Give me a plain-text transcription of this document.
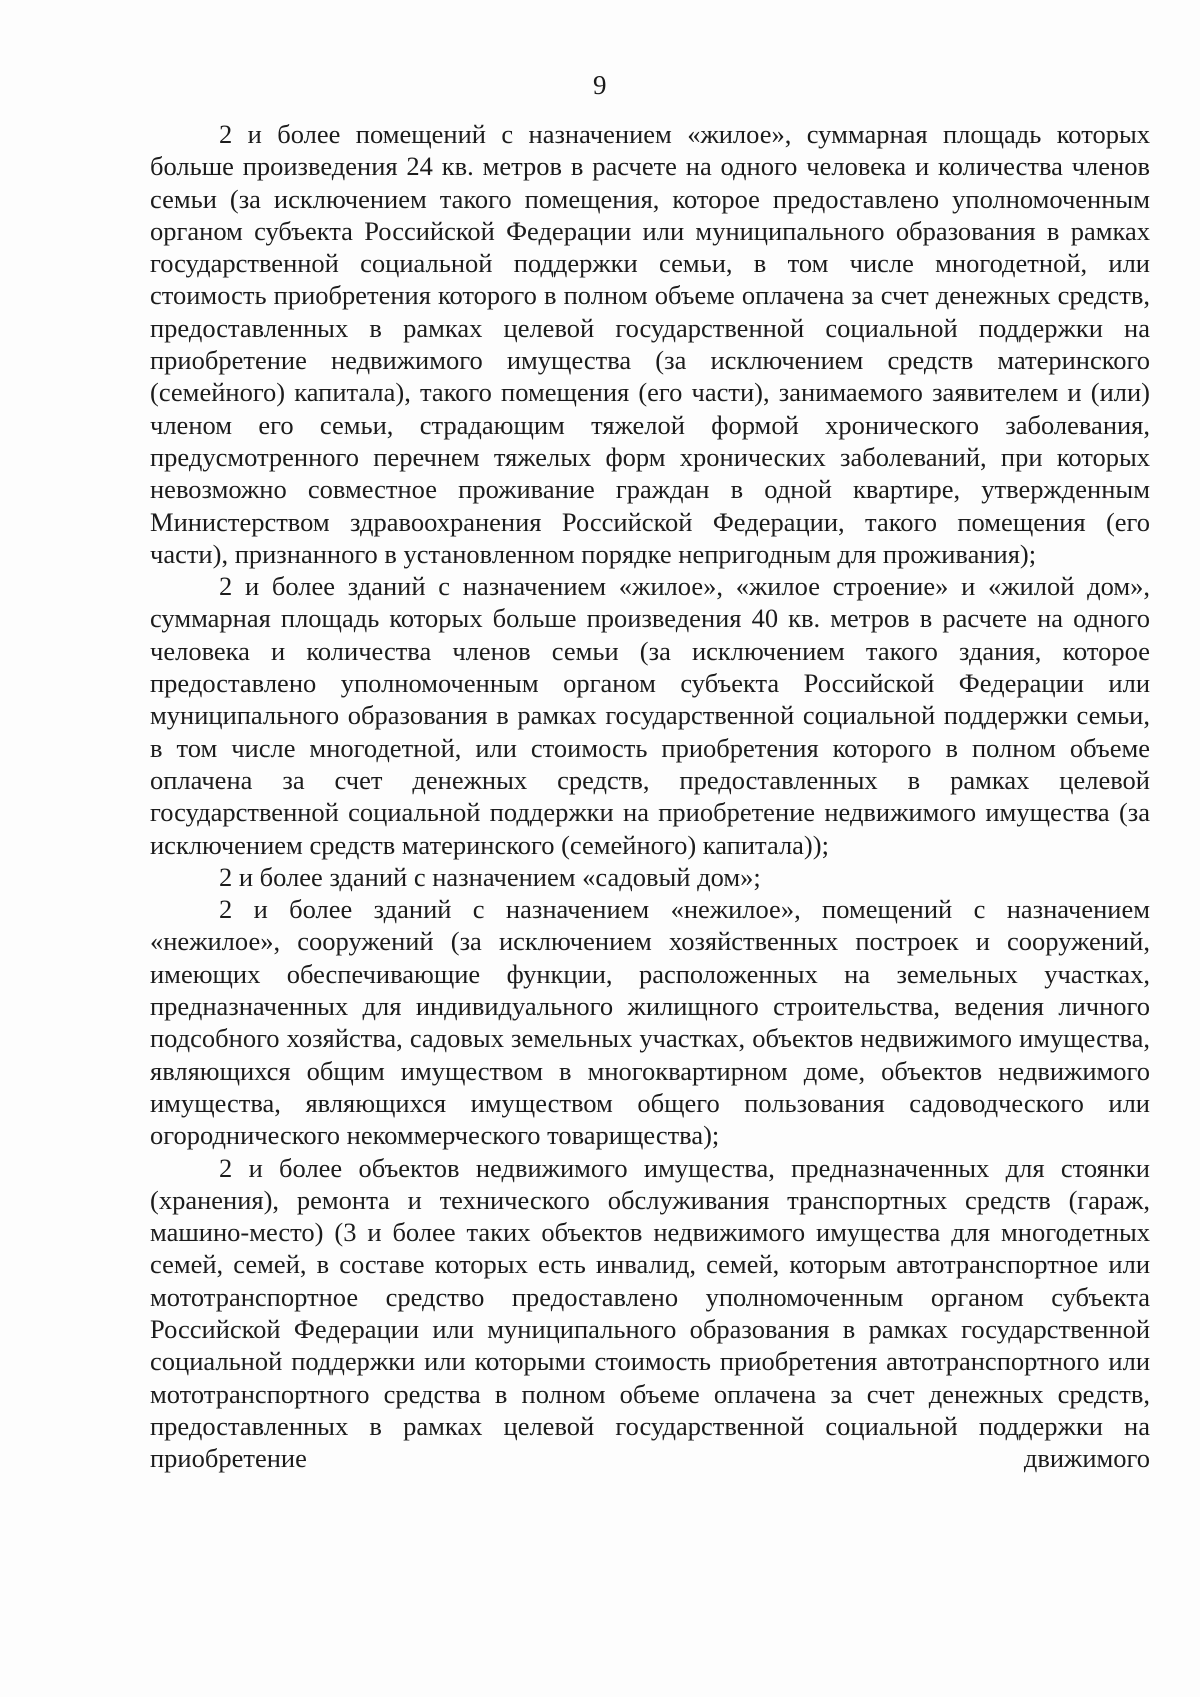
9

2 и более помещений с назначением «жилое», суммарная площадь которых больше произведения 24 кв. метров в расчете на одного человека и количества членов семьи (за исключением такого помещения, которое предоставлено уполномоченным органом субъекта Российской Федерации или муниципального образования в рамках государственной социальной поддержки семьи, в том числе многодетной, или стоимость приобретения которого в полном объеме оплачена за счет денежных средств, предоставленных в рамках целевой государственной социальной поддержки на приобретение недвижимого имущества (за исключением средств материнского (семейного) капитала), такого помещения (его части), занимаемого заявителем и (или) членом его семьи, страдающим тяжелой формой хронического заболевания, предусмотренного перечнем тяжелых форм хронических заболеваний, при которых невозможно совместное проживание граждан в одной квартире, утвержденным Министерством здравоохранения Российской Федерации, такого помещения (его части), признанного в установленном порядке непригодным для проживания);

2 и более зданий с назначением «жилое», «жилое строение» и «жилой дом», суммарная площадь которых больше произведения 40 кв. метров в расчете на одного человека и количества членов семьи (за исключением такого здания, которое предоставлено уполномоченным органом субъекта Российской Федерации или муниципального образования в рамках государственной социальной поддержки семьи, в том числе многодетной, или стоимость приобретения которого в полном объеме оплачена за счет денежных средств, предоставленных в рамках целевой государственной социальной поддержки на приобретение недвижимого имущества (за исключением средств материнского (семейного) капитала));

2 и более зданий с назначением «садовый дом»;

2 и более зданий с назначением «нежилое», помещений с назначением «нежилое», сооружений (за исключением хозяйственных построек и сооружений, имеющих обеспечивающие функции, расположенных на земельных участках, предназначенных для индивидуального жилищного строительства, ведения личного подсобного хозяйства, садовых земельных участках, объектов недвижимого имущества, являющихся общим имуществом в многоквартирном доме, объектов недвижимого имущества, являющихся имуществом общего пользования садоводческого или огороднического некоммерческого товарищества);

2 и более объектов недвижимого имущества, предназначенных для стоянки (хранения), ремонта и технического обслуживания транспортных средств (гараж, машино-место) (3 и более таких объектов недвижимого имущества для многодетных семей, семей, в составе которых есть инвалид, семей, которым автотранспортное или мототранспортное средство предоставлено уполномоченным органом субъекта Российской Федерации или муниципального образования в рамках государственной социальной поддержки или которыми стоимость приобретения автотранспортного или мототранспортного средства в полном объеме оплачена за счет денежных средств, предоставленных в рамках целевой государственной социальной поддержки на приобретение движимого
